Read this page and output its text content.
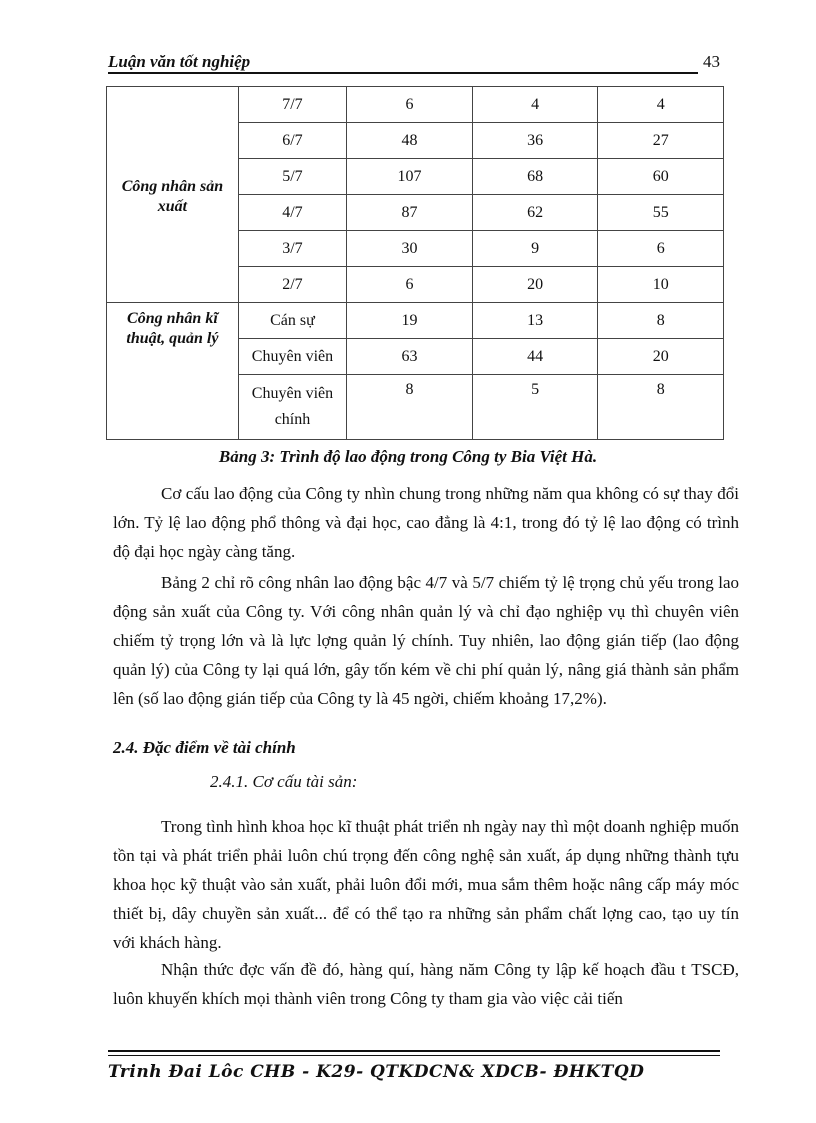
Luận văn tốt nghiệp	43
Công nhân sản xuất	7/7	6	4	4
	6/7	48	36	27
	5/7	107	68	60
	4/7	87	62	55
	3/7	30	9	6
	2/7	6	20	10
Công nhân kĩ thuật, quản lý	Cán sự	19	13	8
	Chuyên viên	63	44	20
	Chuyên viên chính	8	5	8
Bảng 3: Trình độ lao động trong Công ty Bia Việt Hà.

Cơ cấu lao động của Công ty nhìn chung trong những năm qua không có sự thay đổi lớn. Tỷ lệ lao động phổ thông và đại học, cao đẳng là 4:1, trong đó tỷ lệ lao động có trình độ đại học ngày càng tăng.

Bảng 2 chỉ rõ công nhân lao động bậc 4/7 và 5/7 chiếm tỷ lệ trọng chủ yếu trong lao động sản xuất của Công ty. Với công nhân quản lý và chỉ đạo nghiệp vụ thì chuyên viên chiếm tỷ trọng lớn và là lực lợng quản lý chính. Tuy nhiên, lao động gián tiếp (lao động quản lý) của Công ty lại quá lớn, gây tốn kém về chi phí quản lý, nâng giá thành sản phẩm lên (số lao động gián tiếp của Công ty là 45 ngời, chiếm khoảng 17,2%).

2.4. Đặc điểm về tài chính

2.4.1. Cơ cấu tài sản:

Trong tình hình khoa học kĩ thuật phát triển nh ngày nay thì một doanh nghiệp muốn tồn tại và phát triển phải luôn chú trọng đến công nghệ sản xuất, áp dụng những thành tựu khoa học kỹ thuật vào sản xuất, phải luôn đổi mới, mua sắm thêm hoặc nâng cấp máy móc thiết bị, dây chuyền sản xuất... để có thể tạo ra những sản phẩm chất lợng cao, tạo uy tín với khách hàng.

Nhận thức đợc vấn đề đó, hàng quí, hàng năm Công ty lập kế hoạch đầu t TSCĐ, luôn khuyến khích mọi thành viên trong Công ty tham gia vào việc cải tiến

Trinh Đai Lôc CHB - K29- QTKDCN& XDCB- ĐHKTQD
